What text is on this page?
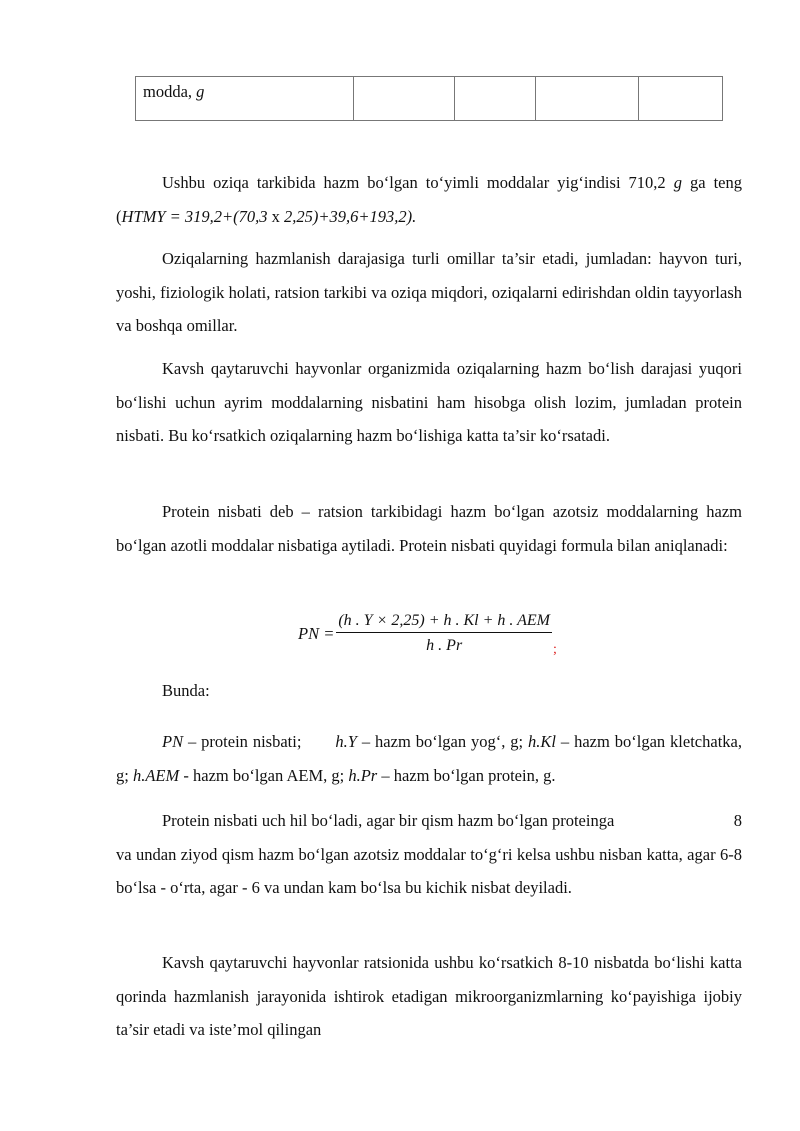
modda, g				

Ushbu oziqa tarkibida hazm bo‘lgan to‘yimli moddalar yig‘indisi 710,2 g ga teng (HTMY = 319,2+(70,3 x 2,25)+39,6+193,2).

Oziqalarning hazmlanish darajasiga turli omillar ta’sir etadi, jumladan: hayvon turi, yoshi, fiziologik holati, ratsion tarkibi va oziqa miqdori, oziqalarni edirishdan oldin tayyorlash va boshqa omillar.

Kavsh qaytaruvchi hayvonlar organizmida oziqalarning hazm bo‘lish darajasi yuqori bo‘lishi uchun ayrim moddalarning nisbatini ham hisobga olish lozim, jumladan protein nisbati. Bu ko‘rsatkich oziqalarning hazm bo‘lishiga katta ta’sir ko‘rsatadi.

Protein nisbati deb – ratsion tarkibidagi hazm bo‘lgan azotsiz moddalarning hazm bo‘lgan azotli moddalar nisbatiga aytiladi. Protein nisbati quyidagi formula bilan aniqlanadi:

PN = $\frac{\text{(h . Y × 2,25) + h . Kl + h . AEM}}{h . Pr}$ ;

Bunda:

PN – protein nisbati; h.Y – hazm bo‘lgan yog‘, g; h.Kl – hazm bo‘lgan kletchatka, g; h.AEM - hazm bo‘lgan AEM, g; h.Pr – hazm bo‘lgan protein, g.

Protein nisbati uch hil bo‘ladi, agar bir qism hazm bo‘lgan proteinga	8

va undan ziyod qism hazm bo‘lgan azotsiz moddalar to‘g‘ri kelsa ushbu nisban katta, agar 6-8 bo‘lsa - o‘rta, agar - 6 va undan kam bo‘lsa bu kichik nisbat deyiladi.

Kavsh qaytaruvchi hayvonlar ratsionida ushbu ko‘rsatkich 8-10 nisbatda bo‘lishi katta qorinda hazmlanish jarayonida ishtirok etadigan mikroorganizmlarning ko‘payishiga ijobiy ta’sir etadi va iste’mol qilingan
